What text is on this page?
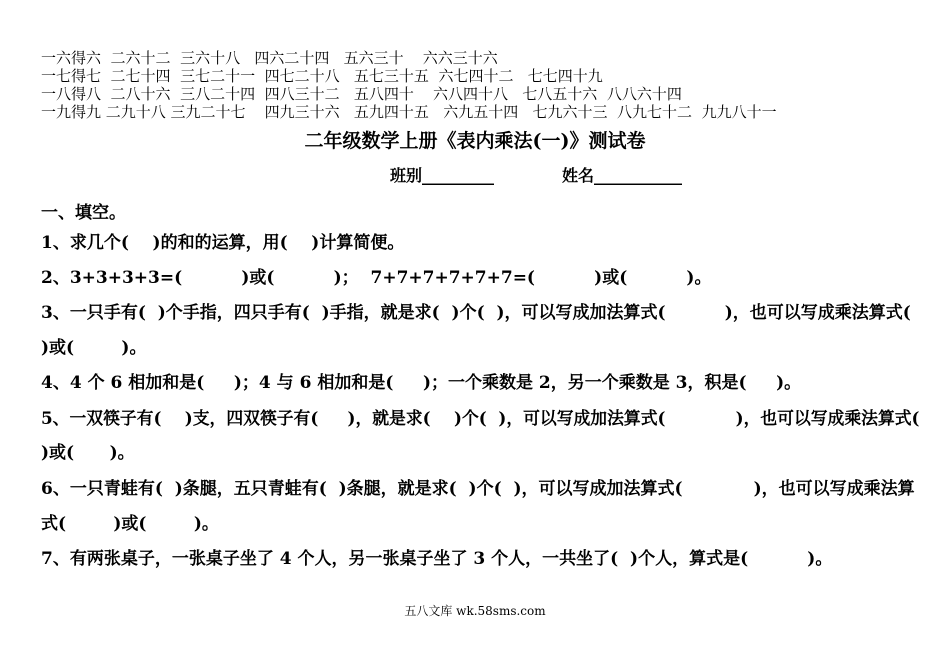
一六得六  二六十二  三六十八   四六二十四   五六三十    六六三十六
一七得七  二七十四  三七二十一  四七二十八   五七三十五  六七四十二   七七四十九
一八得八  二八十六  三八二十四  四八三十二   五八四十    六八四十八   七八五十六  八八六十四
一九得九 二九十八 三九二十七    四九三十六   五九四十五   六九五十四   七九六十三  八九七十二  九九八十一
二年级数学上册《表内乘法(一)》测试卷
班别_________	姓名___________
一、填空。
1、求几个(    )的和的运算，用(    )计算简便。
2、3+3+3+3=(          )或(          )；  7+7+7+7+7+7=(          )或(          )。
3、一只手有(  )个手指，四只手有(  )手指，就是求(  )个(  )，可以写成加法算式(          )，也可以写成乘法算式(
)或(        )。
4、4 个 6 相加和是(     )；4 与 6 相加和是(     )；一个乘数是 2，另一个乘数是 3，积是(     )。
5、一双筷子有(    )支，四双筷子有(     )，就是求(    )个(  )，可以写成加法算式(            )，也可以写成乘法算式(
)或(      )。
6、一只青蛙有(  )条腿，五只青蛙有(  )条腿，就是求(  )个(  )，可以写成加法算式(            )，也可以写成乘法算
式(        )或(        )。
7、有两张桌子，一张桌子坐了 4 个人，另一张桌子坐了 3 个人，一共坐了(  )个人，算式是(          )。
五八文库 wk.58sms.com
